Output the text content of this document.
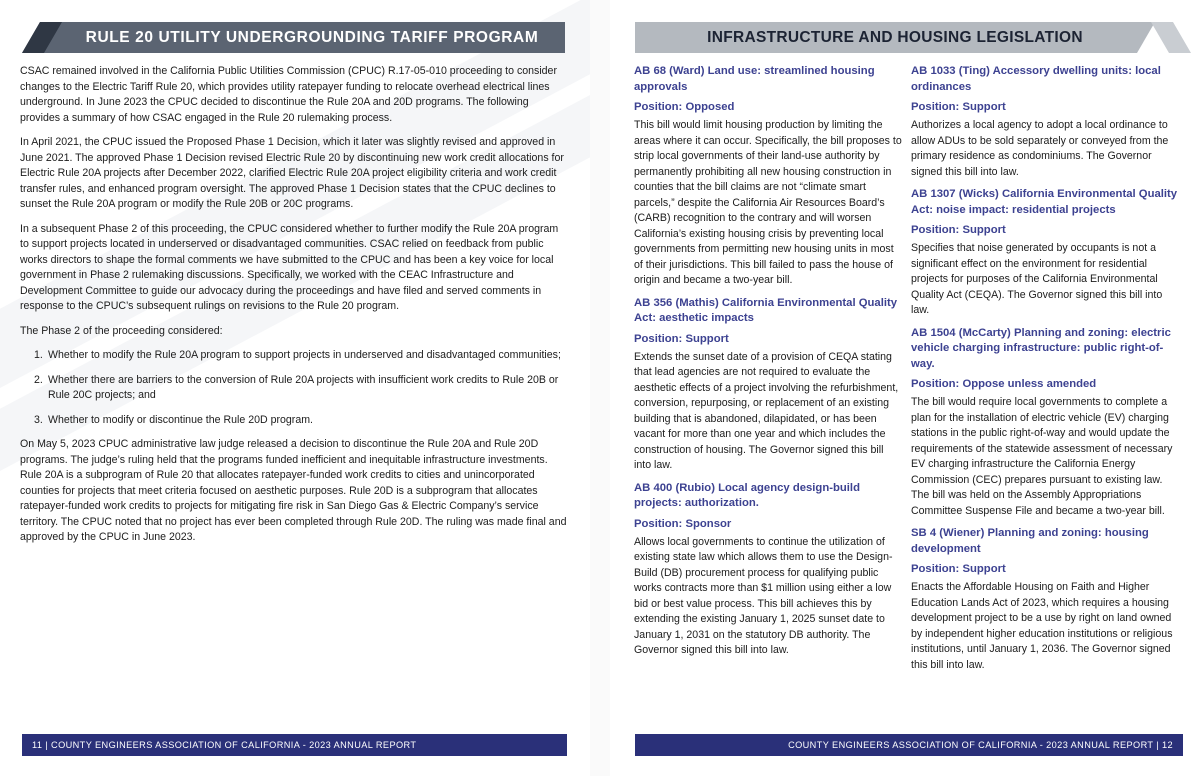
RULE 20 UTILITY UNDERGROUNDING TARIFF PROGRAM

CSAC remained involved in the California Public Utilities Commission (CPUC) R.17-05-010 proceeding to consider changes to the Electric Tariff Rule 20, which provides utility ratepayer funding to relocate overhead electrical lines underground. In June 2023 the CPUC decided to discontinue the Rule 20A and 20D programs. The following provides a summary of how CSAC engaged in the Rule 20 rulemaking process.

In April 2021, the CPUC issued the Proposed Phase 1 Decision, which it later was slightly revised and approved in June 2021. The approved Phase 1 Decision revised Electric Rule 20 by discontinuing new work credit allocations for Electric Rule 20A projects after December 2022, clarified Electric Rule 20A project eligibility criteria and work credit transfer rules, and enhanced program oversight. The approved Phase 1 Decision states that the CPUC declines to sunset the Rule 20A program or modify the Rule 20B or 20C programs.

In a subsequent Phase 2 of this proceeding, the CPUC considered whether to further modify the Rule 20A program to support projects located in underserved or disadvantaged communities. CSAC relied on feedback from public works directors to shape the formal comments we have submitted to the CPUC and has been a key voice for local government in Phase 2 rulemaking discussions. Specifically, we worked with the CEAC Infrastructure and Development Committee to guide our advocacy during the proceedings and have filed and served comments in response to the CPUC’s subsequent rulings on revisions to the Rule 20 program.

The Phase 2 of the proceeding considered:

1. Whether to modify the Rule 20A program to support projects in underserved and disadvantaged communities;
2. Whether there are barriers to the conversion of Rule 20A projects with insufficient work credits to Rule 20B or Rule 20C projects; and
3. Whether to modify or discontinue the Rule 20D program.

On May 5, 2023 CPUC administrative law judge released a decision to discontinue the Rule 20A and Rule 20D programs. The judge’s ruling held that the programs funded inefficient and inequitable infrastructure investments. Rule 20A is a subprogram of Rule 20 that allocates ratepayer-funded work credits to cities and unincorporated counties for projects that meet criteria focused on aesthetic purposes. Rule 20D is a subprogram that allocates ratepayer-funded work credits to projects for mitigating fire risk in San Diego Gas & Electric Company’s service territory. The CPUC noted that no project has ever been completed through Rule 20D. The ruling was made final and approved by the CPUC in June 2023.

11 | COUNTY ENGINEERS ASSOCIATION OF CALIFORNIA - 2023 ANNUAL REPORT
INFRASTRUCTURE AND HOUSING LEGISLATION
AB 68 (Ward) Land use: streamlined housing approvals
Position: Opposed
This bill would limit housing production by limiting the areas where it can occur. Specifically, the bill proposes to strip local governments of their land-use authority by permanently prohibiting all new housing construction in counties that the bill claims are not “climate smart parcels,” despite the California Air Resources Board’s (CARB) recognition to the contrary and will worsen California’s existing housing crisis by preventing local governments from permitting new housing units in most of their jurisdictions. This bill failed to pass the house of origin and became a two-year bill.
AB 356 (Mathis) California Environmental Quality Act: aesthetic impacts
Position: Support
Extends the sunset date of a provision of CEQA stating that lead agencies are not required to evaluate the aesthetic effects of a project involving the refurbishment, conversion, repurposing, or replacement of an existing building that is abandoned, dilapidated, or has been vacant for more than one year and which includes the construction of housing. The Governor signed this bill into law.
AB 400 (Rubio) Local agency design-build projects: authorization.
Position: Sponsor
Allows local governments to continue the utilization of existing state law which allows them to use the Design-Build (DB) procurement process for qualifying public works contracts more than $1 million using either a low bid or best value process. This bill achieves this by extending the existing January 1, 2025 sunset date to January 1, 2031 on the statutory DB authority. The Governor signed this bill into law.
AB 1033 (Ting) Accessory dwelling units: local ordinances
Position: Support
Authorizes a local agency to adopt a local ordinance to allow ADUs to be sold separately or conveyed from the primary residence as condominiums. The Governor signed this bill into law.
AB 1307 (Wicks) California Environmental Quality Act: noise impact: residential projects
Position: Support
Specifies that noise generated by occupants is not a significant effect on the environment for residential projects for purposes of the California Environmental Quality Act (CEQA). The Governor signed this bill into law.
AB 1504 (McCarty) Planning and zoning: electric vehicle charging infrastructure: public right-of-way.
Position: Oppose unless amended
The bill would require local governments to complete a plan for the installation of electric vehicle (EV) charging stations in the public right-of-way and would update the requirements of the statewide assessment of necessary EV charging infrastructure the California Energy Commission (CEC) prepares pursuant to existing law. The bill was held on the Assembly Appropriations Committee Suspense File and became a two-year bill.
SB 4 (Wiener) Planning and zoning: housing development
Position: Support
Enacts the Affordable Housing on Faith and Higher Education Lands Act of 2023, which requires a housing development project to be a use by right on land owned by independent higher education institutions or religious institutions, until January 1, 2036. The Governor signed this bill into law.
COUNTY ENGINEERS ASSOCIATION OF CALIFORNIA - 2023 ANNUAL REPORT | 12
